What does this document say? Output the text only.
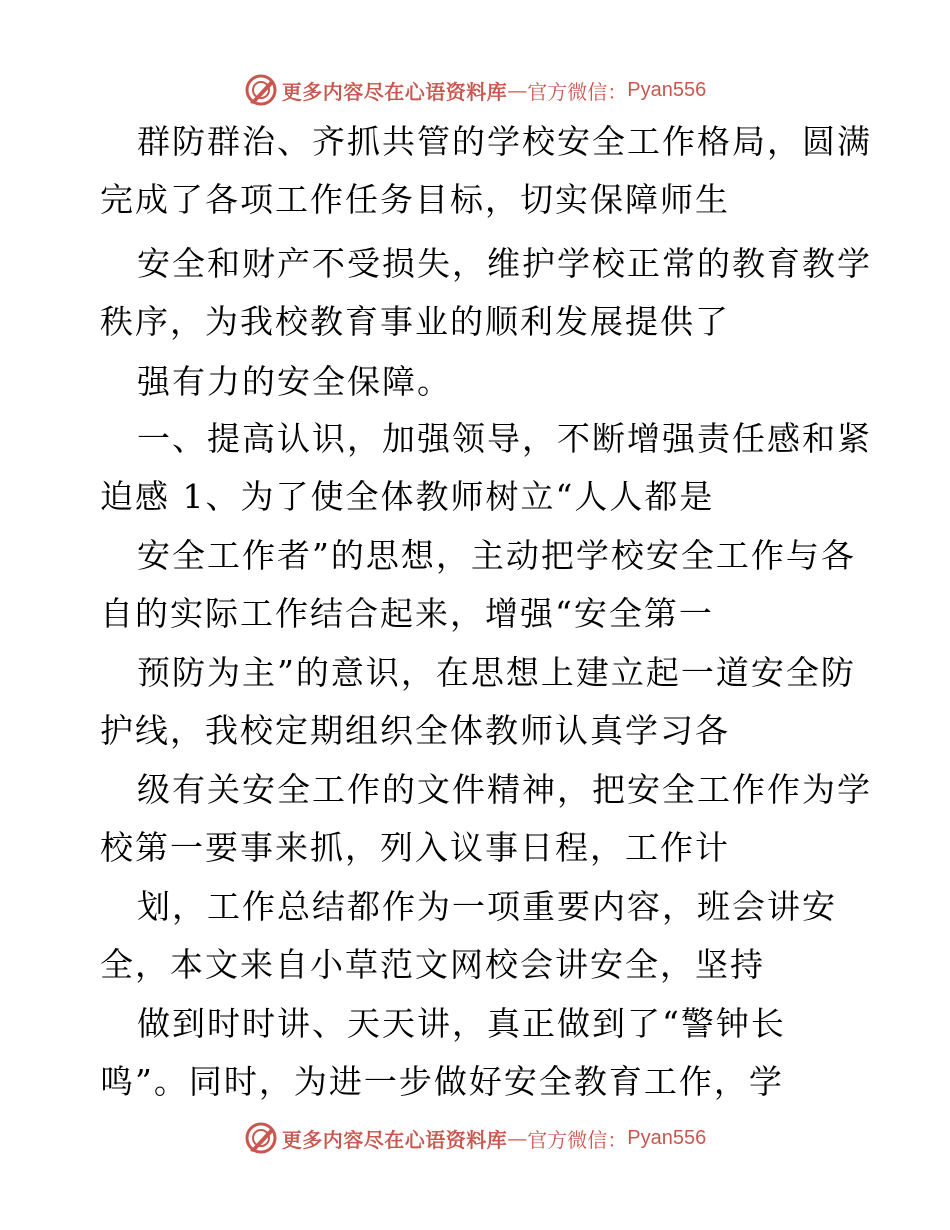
更多内容尽在心语资料库 — 官方微信： Pyan556
群防群治、齐抓共管的学校安全工作格局，圆满
完成了各项工作任务目标，切实保障师生
安全和财产不受损失，维护学校正常的教育教学
秩序，为我校教育事业的顺利发展提供了
强有力的安全保障。
一、提高认识，加强领导，不断增强责任感和紧
迫感 1、为了使全体教师树立“人人都是
安全工作者”的思想，主动把学校安全工作与各
自的实际工作结合起来，增强“安全第一
预防为主”的意识，在思想上建立起一道安全防
护线，我校定期组织全体教师认真学习各
级有关安全工作的文件精神，把安全工作作为学
校第一要事来抓，列入议事日程，工作计
划，工作总结都作为一项重要内容，班会讲安
全，本文来自小草范文网校会讲安全，坚持
做到时时讲、天天讲，真正做到了“警钟长
鸣”。同时，为进一步做好安全教育工作，学
更多内容尽在心语资料库 — 官方微信： Pyan556
